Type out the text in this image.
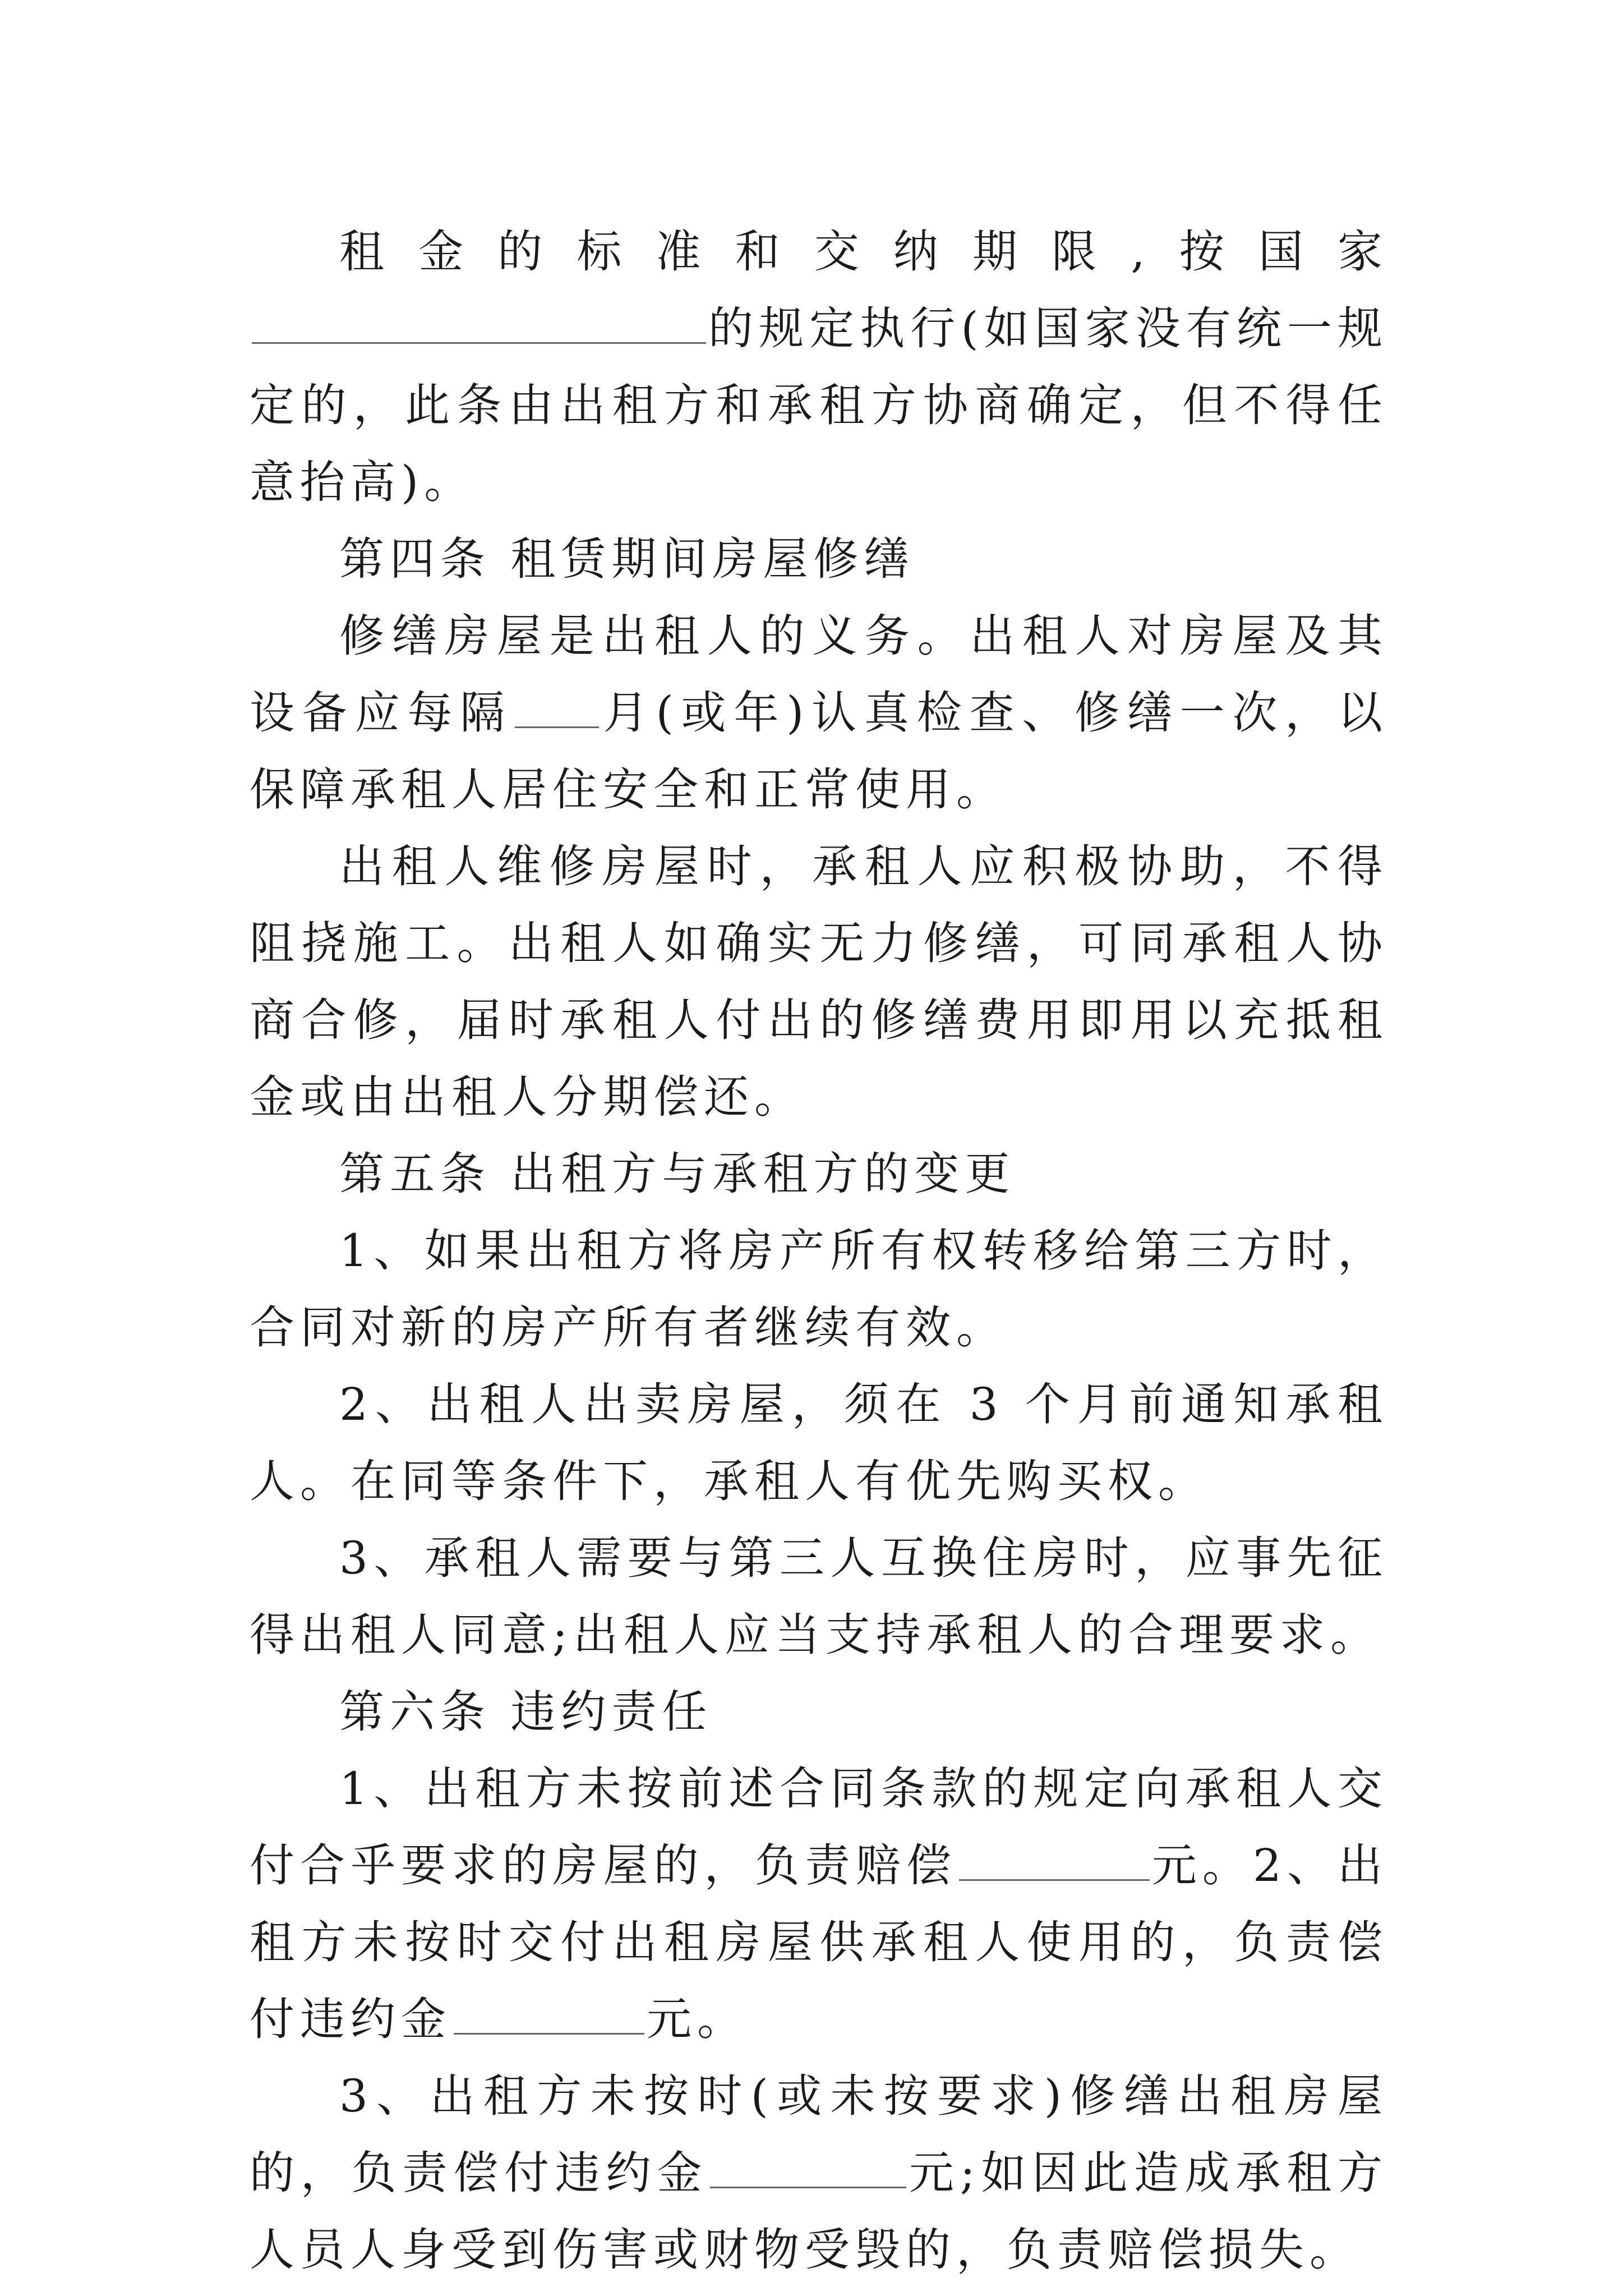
租金的标准和交纳期限,按国家的规定执行(如国家没有统一规定的，此条由出租方和承租方协商确定，但不得任意抬高)。

第四条 租赁期间房屋修缮

修缮房屋是出租人的义务。出租人对房屋及其设备应每隔 月(或年)认真检查、修缮一次，以保障承租人居住安全和正常使用。

出租人维修房屋时，承租人应积极协助，不得阻挠施工。出租人如确实无力修缮，可同承租人协商合修，届时承租人付出的修缮费用即用以充抵租金或由出租人分期偿还。

第五条 出租方与承租方的变更

1、如果出租方将房产所有权转移给第三方时，合同对新的房产所有者继续有效。

2、出租人出卖房屋，须在 3 个月前通知承租人。在同等条件下，承租人有优先购买权。

3、承租人需要与第三人互换住房时，应事先征得出租人同意;出租人应当支持承租人的合理要求。

第六条 违约责任

1、出租方未按前述合同条款的规定向承租人交付合乎要求的房屋的，负责赔偿	元。2、出租方未按时交付出租房屋供承租人使用的，负责偿付违约金	元。

3、出租方未按时(或未按要求)修缮出租房屋的，负责偿付违约金	元;如因此造成承租方人员人身受到伤害或财物受毁的，负责赔偿损失。
